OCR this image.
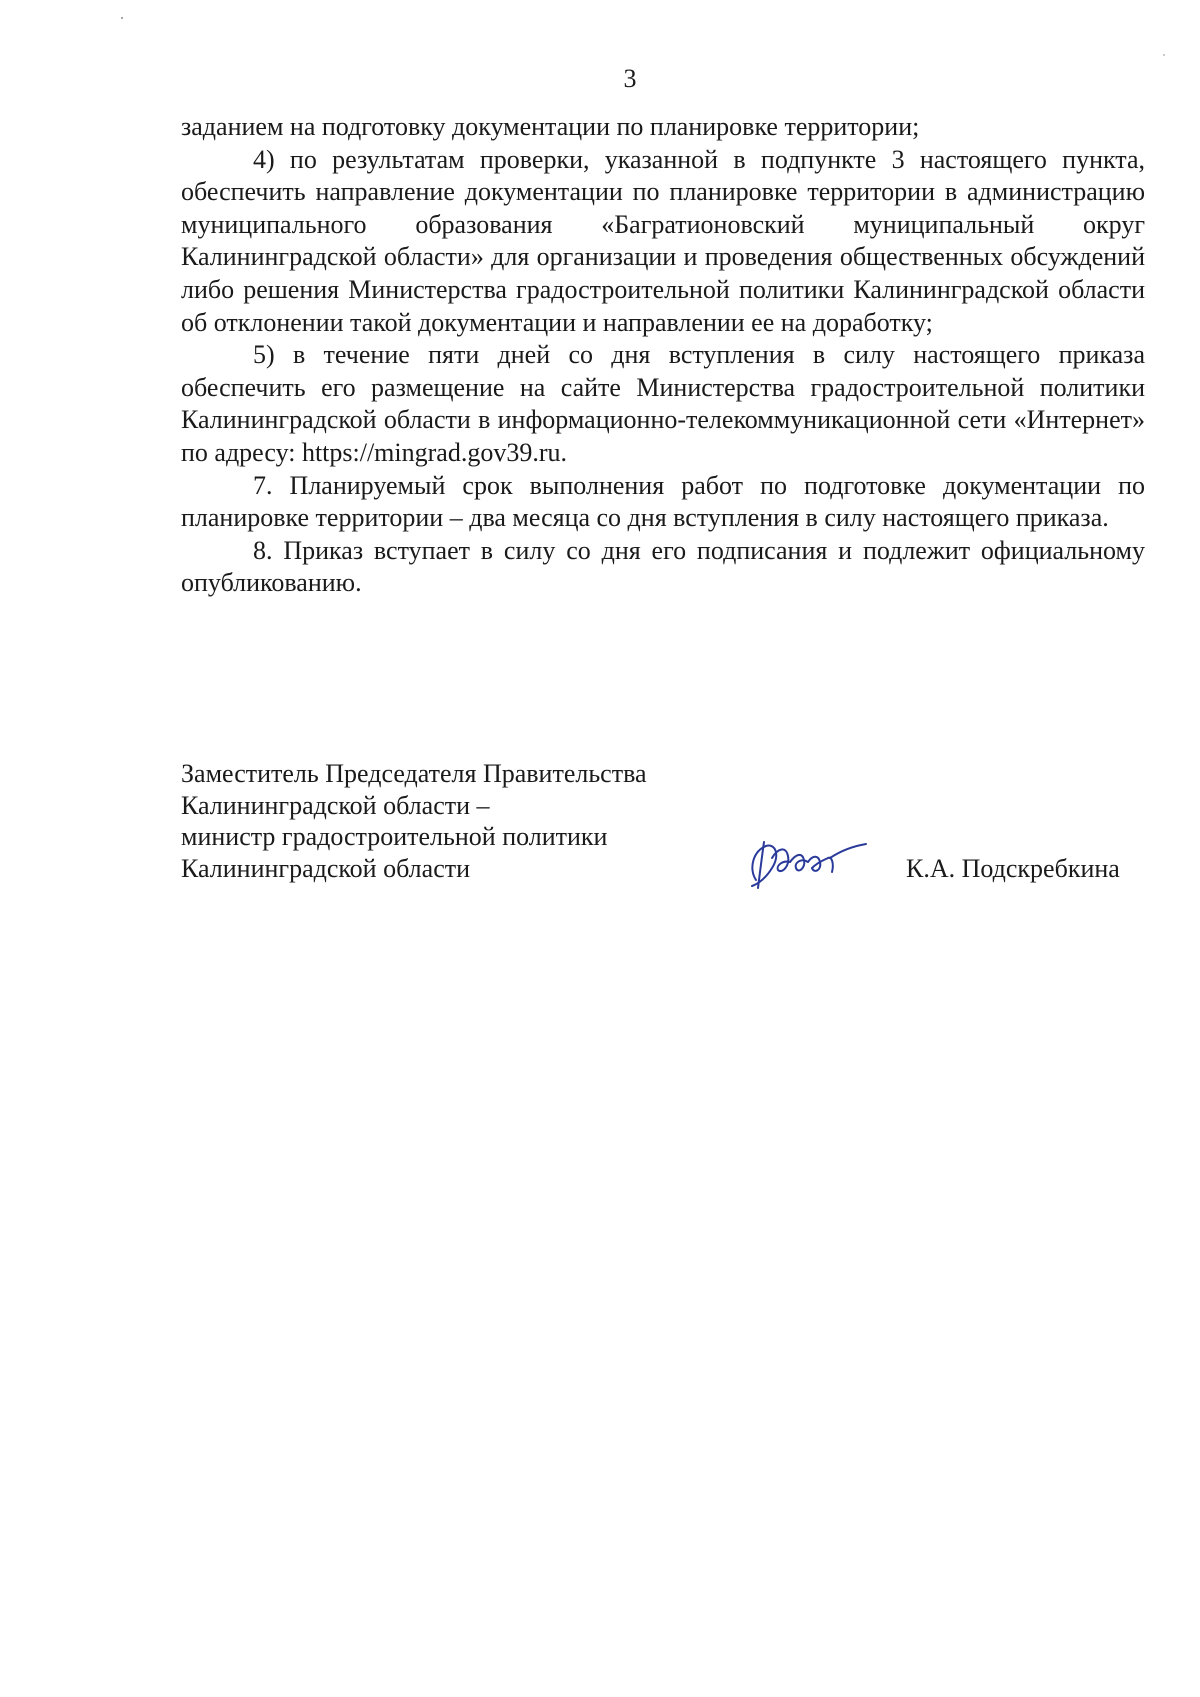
3

заданием на подготовку документации по планировке территории;

4) по результатам проверки, указанной в подпункте 3 настоящего пункта, обеспечить направление документации по планировке территории в администрацию муниципального образования «Багратионовский муниципальный округ Калининградской области» для организации и проведения общественных обсуждений либо решения Министерства градостроительной политики Калининградской области об отклонении такой документации и направлении ее на доработку;

5) в течение пяти дней со дня вступления в силу настоящего приказа обеспечить его размещение на сайте Министерства градостроительной политики Калининградской области в информационно-телекоммуникационной сети «Интернет» по адресу: https://mingrad.gov39.ru.

7. Планируемый срок выполнения работ по подготовке документации по планировке территории – два месяца со дня вступления в силу настоящего приказа.

8. Приказ вступает в силу со дня его подписания и подлежит официальному опубликованию.

Заместитель Председателя Правительства
Калининградской области –
министр градостроительной политики
Калининградской области	К.А. Подскребкина
